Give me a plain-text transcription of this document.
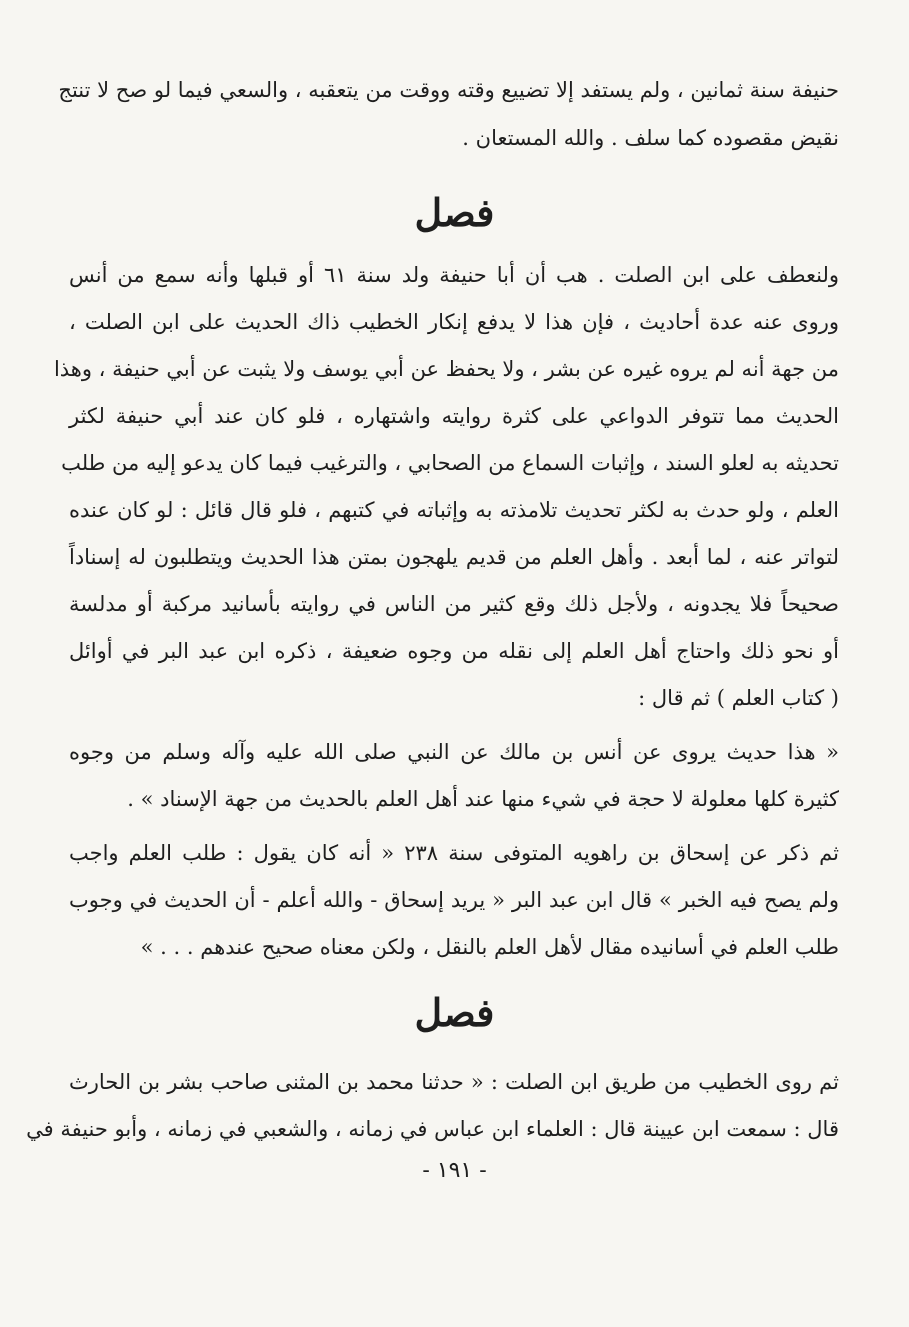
حنيفة سنة ثمانين ، ولم يستفد إلا تضييع وقته ووقت من يتعقبه ، والسعي فيما لو صح لا تنتج
نقيض مقصوده كما سلف . والله المستعان .
فصل
ولنعطف على ابن الصلت . هب أن أبا حنيفة ولد سنة ٦١ أو قبلها وأنه سمع من أنس
وروى عنه عدة أحاديث ، فإن هذا لا يدفع إنكار الخطيب ذاك الحديث على ابن الصلت ،
من جهة أنه لم يروه غيره عن بشر ، ولا يحفظ عن أبي يوسف ولا يثبت عن أبي حنيفة ، وهذا
الحديث مما تتوفر الدواعي على كثرة روايته واشتهاره ، فلو كان عند أبي حنيفة لكثر
تحديثه به لعلو السند ، وإثبات السماع من الصحابي ، والترغيب فيما كان يدعو إليه من طلب
العلم ، ولو حدث به لكثر تحديث تلامذته به وإثباته في كتبهم ، فلو قال قائل : لو كان عنده
لتواتر عنه ، لما أبعد . وأهل العلم من قديم يلهجون بمتن هذا الحديث ويتطلبون له إسناداً
صحيحاً فلا يجدونه ، ولأجل ذلك وقع كثير من الناس في روايته بأسانيد مركبة أو مدلسة
أو نحو ذلك واحتاج أهل العلم إلى نقله من وجوه ضعيفة ، ذكره ابن عبد البر في أوائل
( كتاب العلم ) ثم قال :
« هذا حديث يروى عن أنس بن مالك عن النبي صلى الله عليه وآله وسلم من وجوه
كثيرة كلها معلولة لا حجة في شيء منها عند أهل العلم بالحديث من جهة الإسناد » .
ثم ذكر عن إسحاق بن راهويه المتوفى سنة ٢٣٨ « أنه كان يقول : طلب العلم واجب
ولم يصح فيه الخبر » قال ابن عبد البر « يريد إسحاق - والله أعلم - أن الحديث في وجوب
طلب العلم في أسانيده مقال لأهل العلم بالنقل ، ولكن معناه صحيح عندهم . . . »
فصل
ثم روى الخطيب من طريق ابن الصلت : « حدثنا محمد بن المثنى صاحب بشر بن الحارث
قال : سمعت ابن عيينة قال : العلماء ابن عباس في زمانه ، والشعبي في زمانه ، وأبو حنيفة في
- ١٩١ -
